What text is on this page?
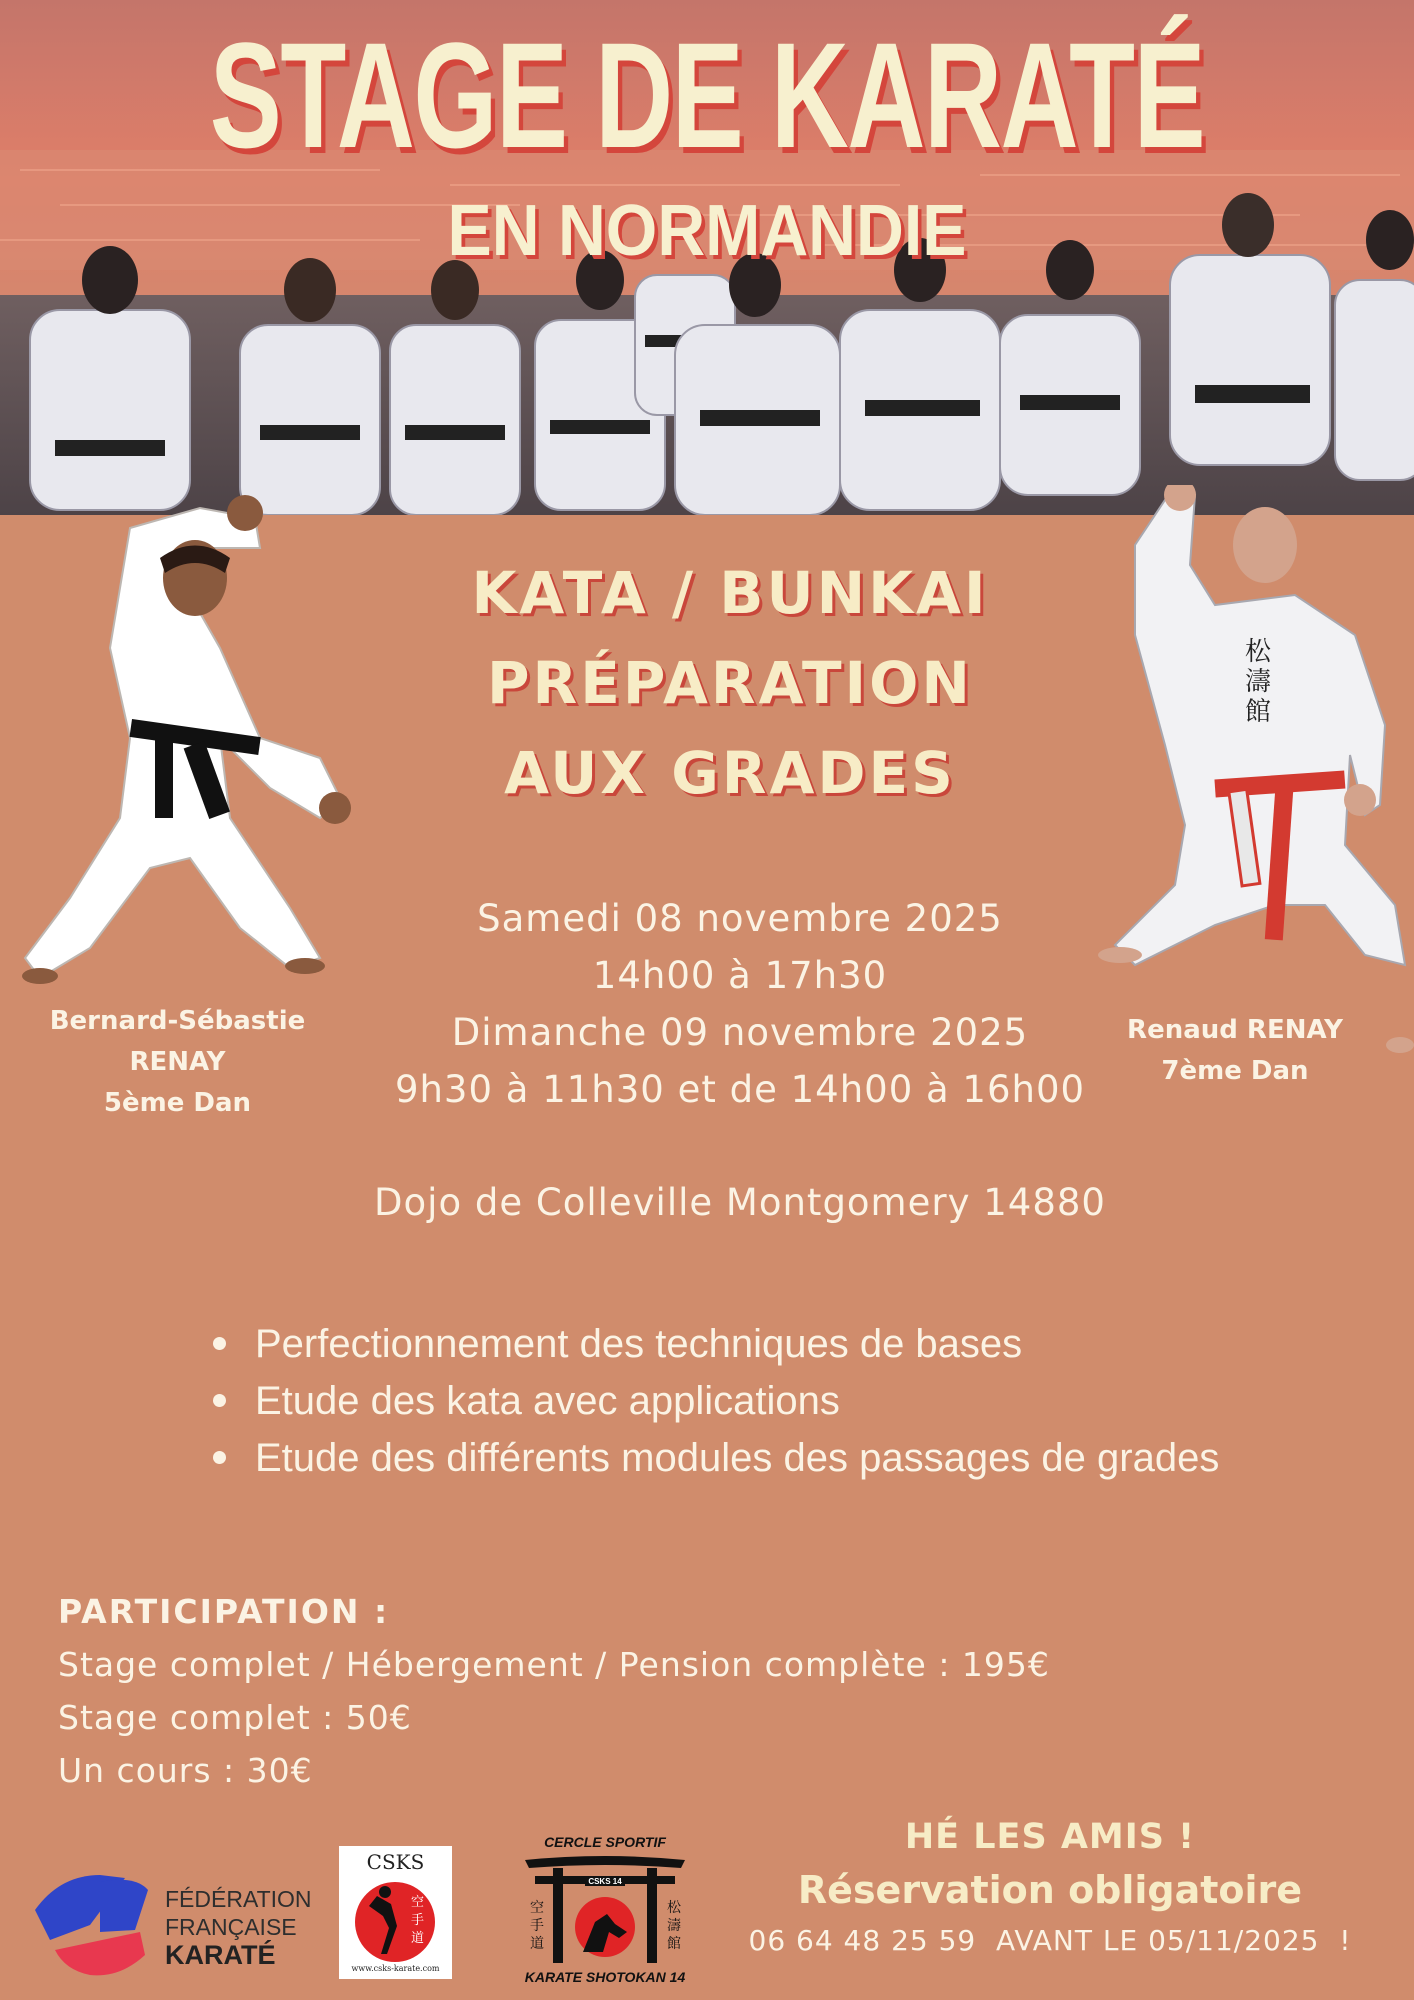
STAGE DE KARATÉ
EN NORMANDIE
松
濤
館
KATA / BUNKAI
PRÉPARATION
AUX GRADES
Samedi 08 novembre 2025
14h00 à 17h30
Dimanche 09 novembre 2025
9h30 à 11h30 et de 14h00 à 16h00
Dojo de Colleville Montgomery 14880
Bernard-Sébastie
RENAY
5ème Dan
Renaud RENAY
7ème Dan
Perfectionnement des techniques de bases
Etude des kata avec applications
Etude des différents modules des passages de grades
PARTICIPATION :
Stage complet / Hébergement / Pension complète : 195€
Stage complet : 50€
Un cours : 30€
FÉDÉRATION
FRANÇAISE
KARATÉ
CSKS
空
手
道
www.csks-karate.com
CERCLE SPORTIF
CSKS 14
空
手
道
松
濤
館
KARATE SHOTOKAN 14
HÉ LES AMIS !
Réservation obligatoire
06 64 48 25 59  AVANT LE 05/11/2025  !
